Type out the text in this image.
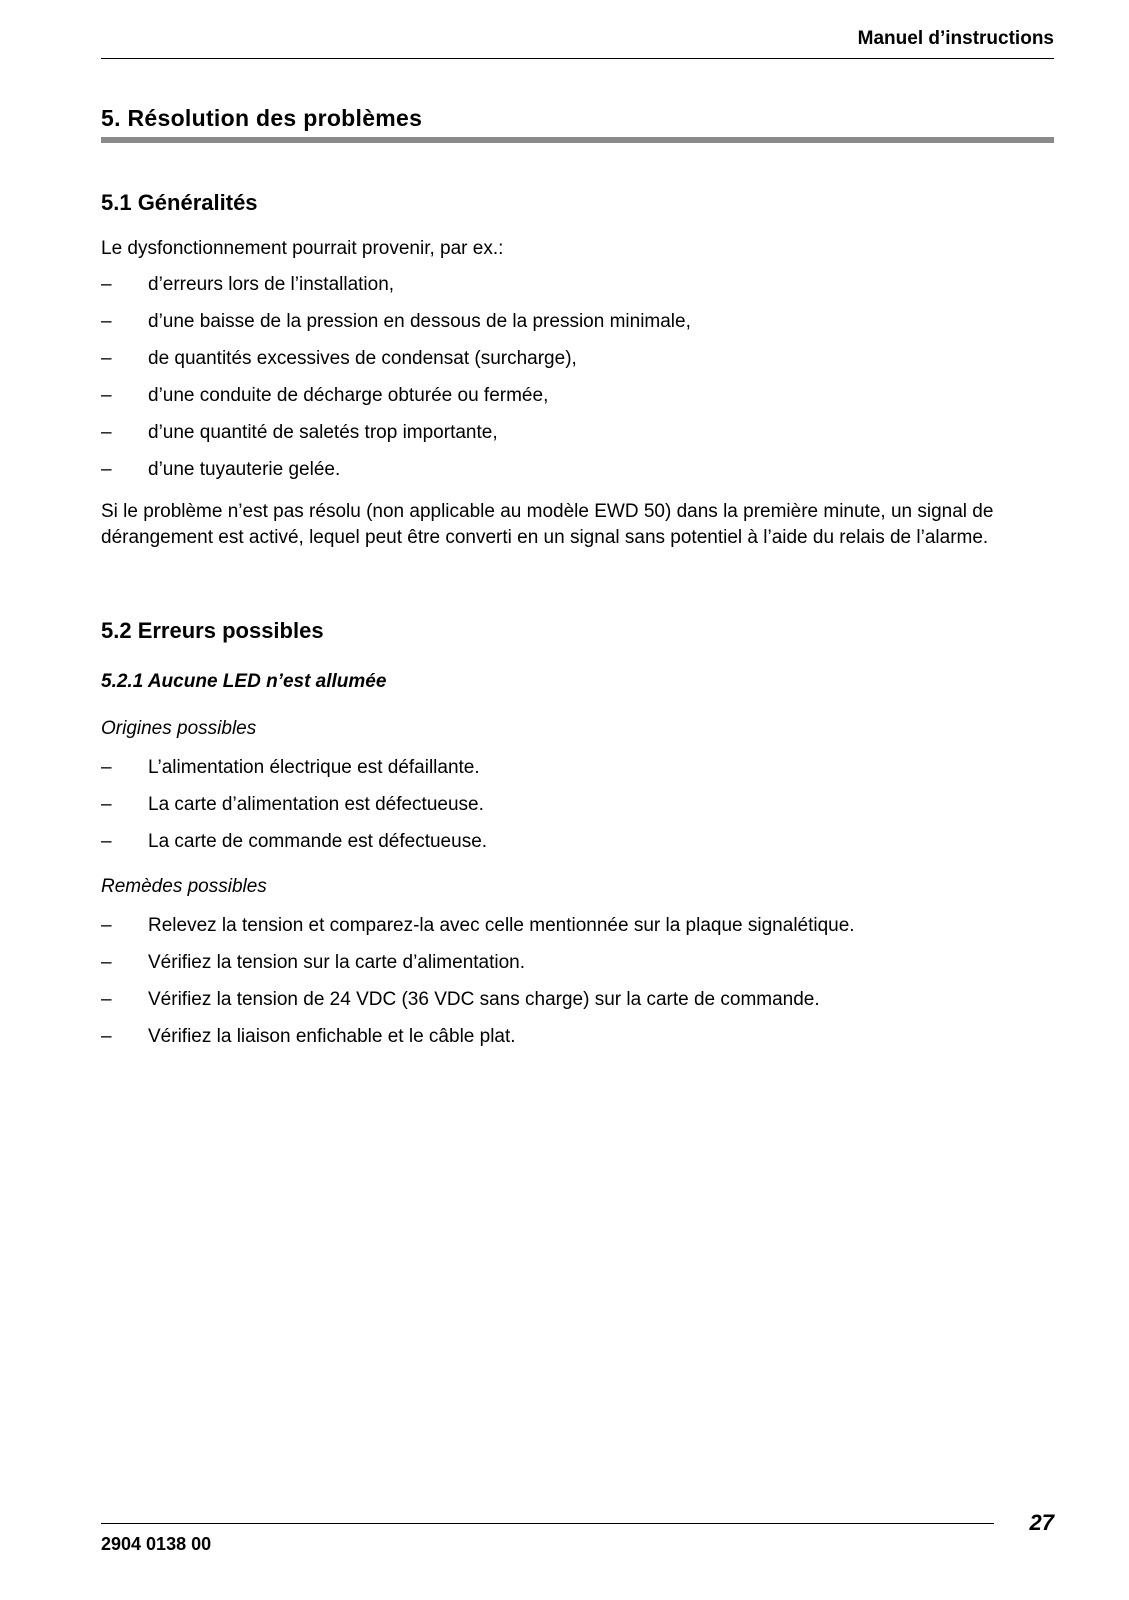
Manuel d’instructions
5. Résolution des problèmes
5.1 Généralités
Le dysfonctionnement pourrait provenir, par ex.:
– d’erreurs lors de l’installation,
– d’une baisse de la pression en dessous de la pression minimale,
– de quantités excessives de condensat (surcharge),
– d’une conduite de décharge obturée ou fermée,
– d’une quantité de saletés trop importante,
– d’une tuyauterie gelée.
Si le problème n’est pas résolu (non applicable au modèle EWD 50) dans la première minute, un signal de dérangement est activé, lequel peut être converti en un signal sans potentiel à l’aide du relais de l’alarme.
5.2 Erreurs possibles
5.2.1 Aucune LED n’est allumée
Origines possibles
– L’alimentation électrique est défaillante.
– La carte d’alimentation est défectueuse.
– La carte de commande est défectueuse.
Remèdes possibles
– Relevez la tension et comparez-la avec celle mentionnée sur la plaque signalétique.
– Vérifiez la tension sur la carte d’alimentation.
– Vérifiez la tension de 24 VDC (36 VDC sans charge) sur la carte de commande.
– Vérifiez la liaison enfichable et le câble plat.
2904 0138 00
27
